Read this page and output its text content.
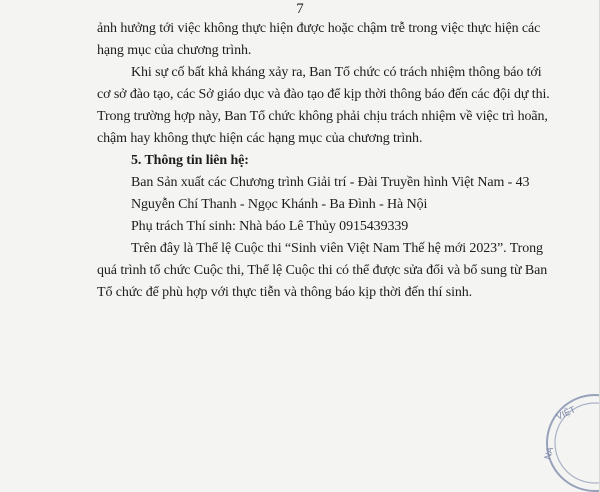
7
ảnh hưởng tới việc không thực hiện được hoặc chậm trễ trong việc thực hiện các
hạng mục của chương trình.
Khi sự cố bất khả kháng xảy ra, Ban Tổ chức có trách nhiệm thông báo tới
cơ sở đào tạo, các Sở giáo dục và đào tạo để kịp thời thông báo đến các đội dự thi.
Trong trường hợp này, Ban Tổ chức không phải chịu trách nhiệm về việc trì hoãn,
chậm hay không thực hiện các hạng mục của chương trình.
5. Thông tin liên hệ:
Ban Sản xuất các Chương trình Giải trí - Đài Truyền hình Việt Nam - 43
Nguyễn Chí Thanh - Ngọc Khánh - Ba Đình - Hà Nội
Phụ trách Thí sinh: Nhà báo Lê Thủy 0915439339
Trên đây là Thể lệ Cuộc thi “Sinh viên Việt Nam Thế hệ mới 2023”. Trong
quá trình tổ chức Cuộc thi, Thể lệ Cuộc thi có thể được sửa đổi và bổ sung từ Ban
Tổ chức để phù hợp với thực tiễn và thông báo kịp thời đến thí sinh.
VIỆT
NA
